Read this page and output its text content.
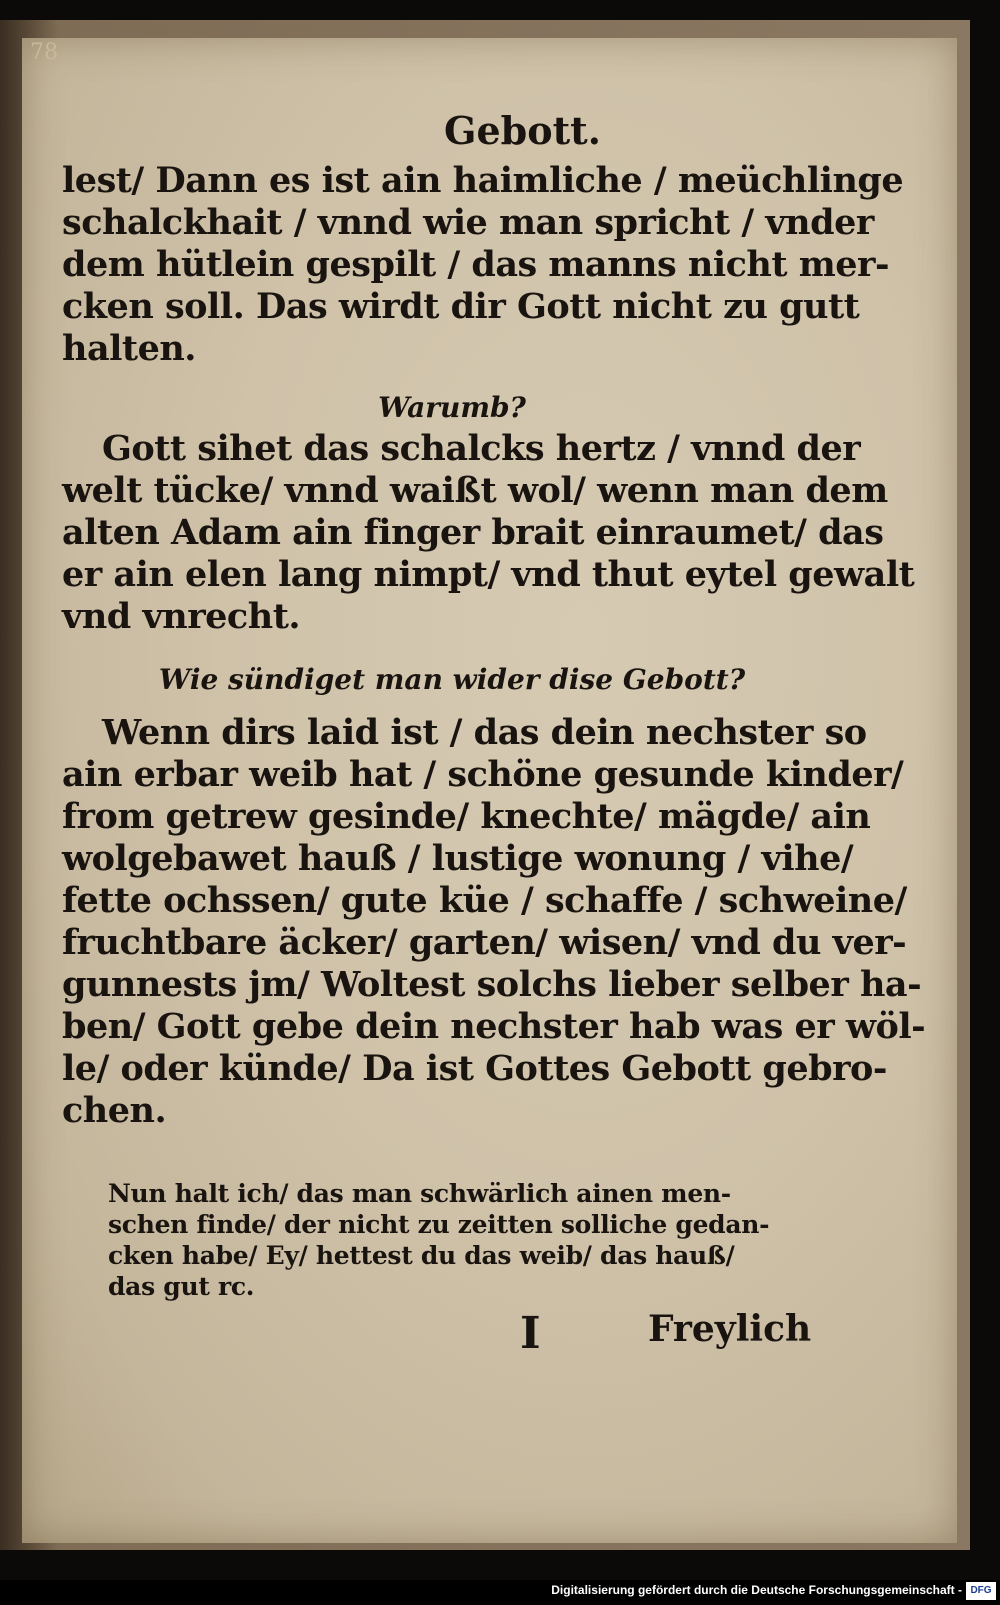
78
Gebott.
lest/ Dann es ist ain haimliche / meüchlinge
schalckhait / vnnd wie man spricht / vnder
dem hütlein gespilt / das manns nicht mer-
cken soll. Das wirdt dir Gott nicht zu gutt
halten.
Warumb?
Gott sihet das schalcks hertz / vnnd der
welt tücke/ vnnd waißt wol/ wenn man dem
alten Adam ain finger brait einraumet/ das
er ain elen lang nimpt/ vnd thut eytel gewalt
vnd vnrecht.
Wie sündiget man wider dise Gebott?
Wenn dirs laid ist / das dein nechster so
ain erbar weib hat / schöne gesunde kinder/
from getrew gesinde/ knechte/ mägde/ ain
wolgebawet hauß / lustige wonung / vihe/
fette ochssen/ gute küe / schaffe / schweine/
fruchtbare äcker/ garten/ wisen/ vnd du ver-
gunnests jm/ Woltest solchs lieber selber ha-
ben/ Gott gebe dein nechster hab was er wöl-
le/ oder künde/ Da ist Gottes Gebott gebro-
chen.
Nun halt ich/ das man schwärlich ainen men-
schen finde/ der nicht zu zeitten solliche gedan-
cken habe/ Ey/ hettest du das weib/ das hauß/
das gut rc.
I	Freylich
Digitalisierung gefördert durch die Deutsche Forschungsgemeinschaft - DFG
